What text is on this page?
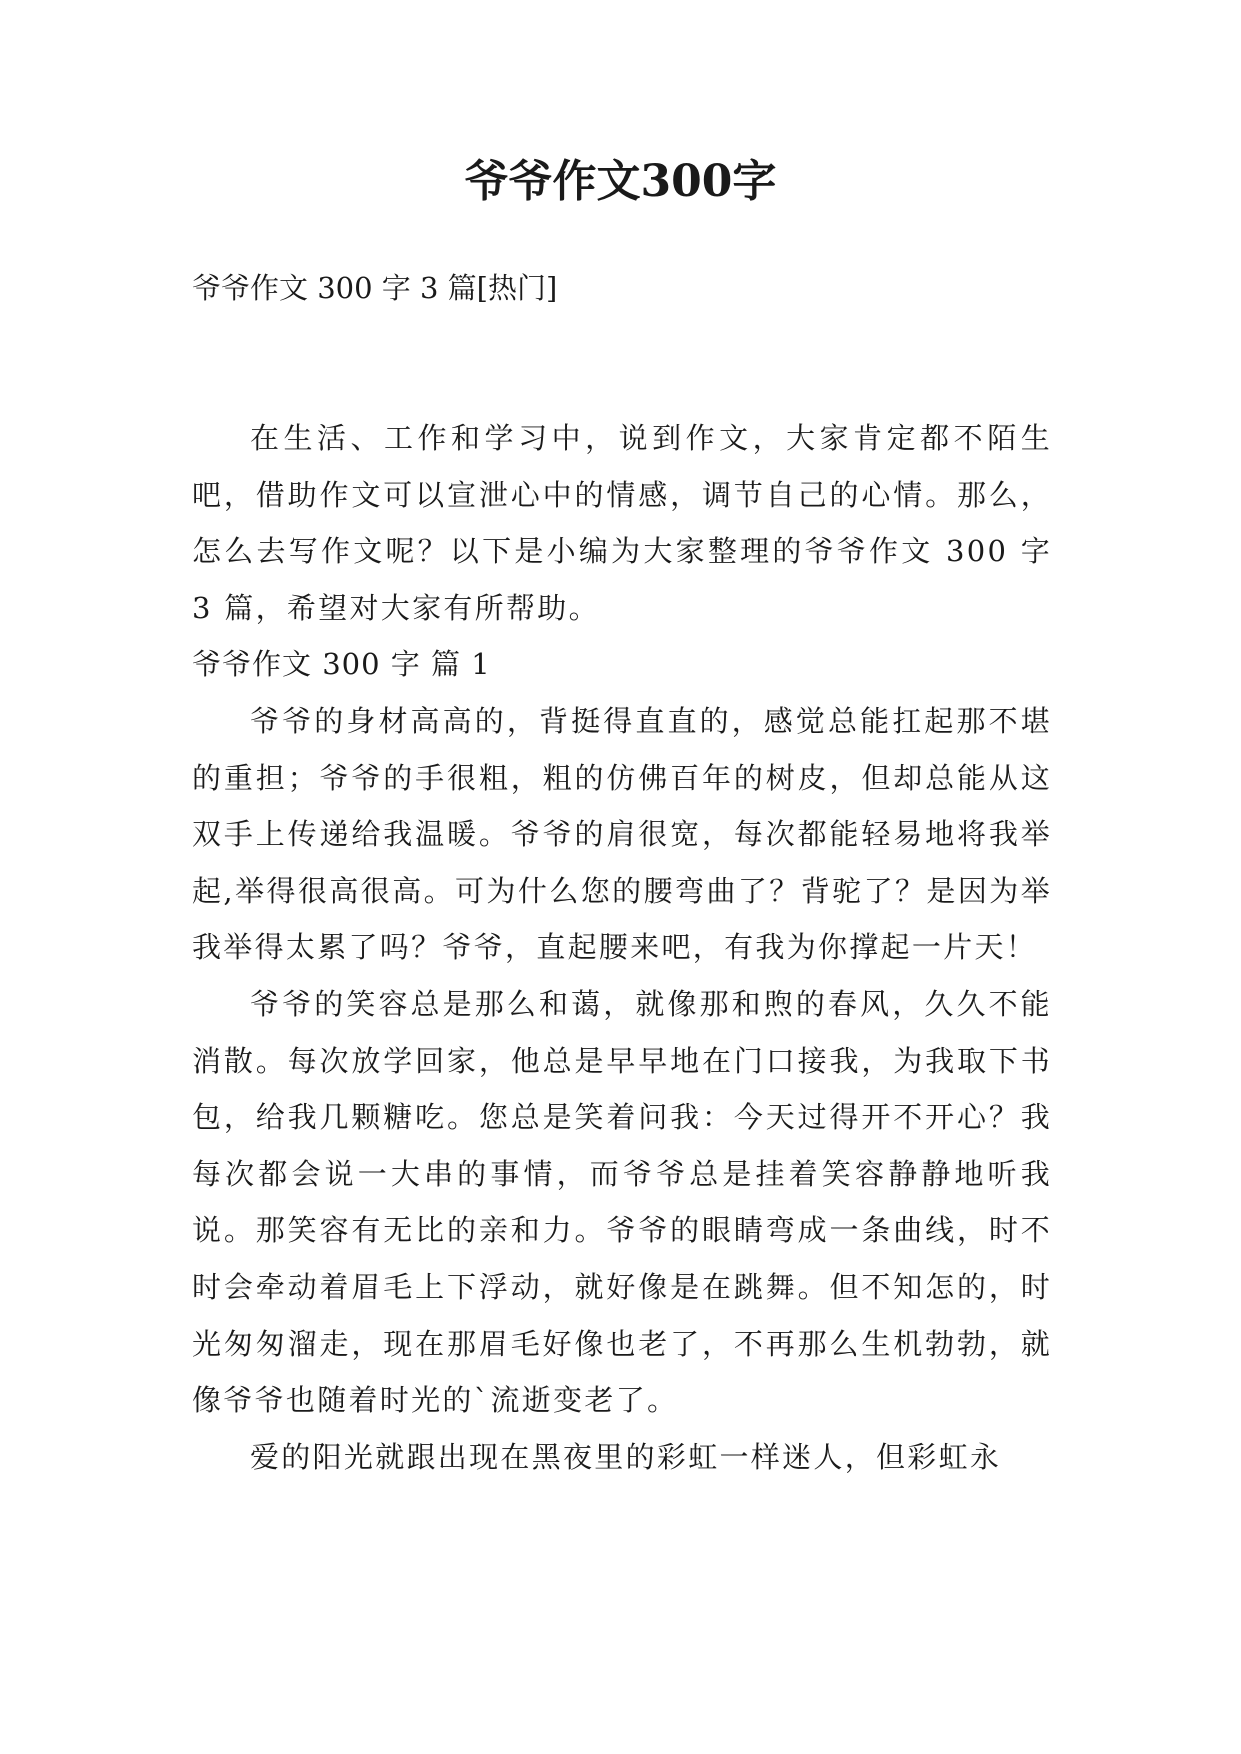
爷爷作文300字
爷爷作文 300 字 3 篇[热门]

在生活、工作和学习中，说到作文，大家肯定都不陌生吧，借助作文可以宣泄心中的情感，调节自己的心情。那么，怎么去写作文呢？以下是小编为大家整理的爷爷作文 300 字 3 篇，希望对大家有所帮助。

爷爷作文 300 字 篇 1

爷爷的身材高高的，背挺得直直的，感觉总能扛起那不堪的重担；爷爷的手很粗，粗的仿佛百年的树皮，但却总能从这双手上传递给我温暖。爷爷的肩很宽，每次都能轻易地将我举起,举得很高很高。可为什么您的腰弯曲了？背驼了？是因为举我举得太累了吗？爷爷，直起腰来吧，有我为你撑起一片天！

爷爷的笑容总是那么和蔼，就像那和煦的春风，久久不能消散。每次放学回家，他总是早早地在门口接我，为我取下书包，给我几颗糖吃。您总是笑着问我：今天过得开不开心？我每次都会说一大串的事情，而爷爷总是挂着笑容静静地听我说。那笑容有无比的亲和力。爷爷的眼睛弯成一条曲线，时不时会牵动着眉毛上下浮动，就好像是在跳舞。但不知怎的，时光匆匆溜走，现在那眉毛好像也老了，不再那么生机勃勃，就像爷爷也随着时光的`流逝变老了。

爱的阳光就跟出现在黑夜里的彩虹一样迷人，但彩虹永
